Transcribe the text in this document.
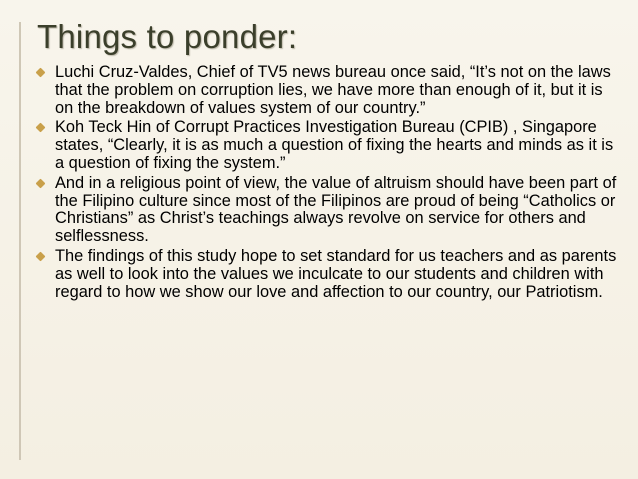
Things to ponder:
Luchi Cruz-Valdes, Chief of TV5 news bureau once said, “It’s not on the laws that the problem on corruption lies, we have more than enough of it, but it is on the breakdown of values system of our country.”
Koh Teck Hin of Corrupt Practices Investigation Bureau (CPIB) , Singapore states, “Clearly, it is as much a question of fixing the hearts and minds as it is a question of fixing the system.”
And in a religious point of view, the value of altruism should have been part of the Filipino culture since most of the Filipinos are proud of being “Catholics or Christians” as Christ’s teachings always revolve on service for others and selflessness.
The findings of this study hope to set standard for us teachers and as parents as well to look into the values we inculcate to our students and children with regard to how we show our love and affection to our country, our Patriotism.
